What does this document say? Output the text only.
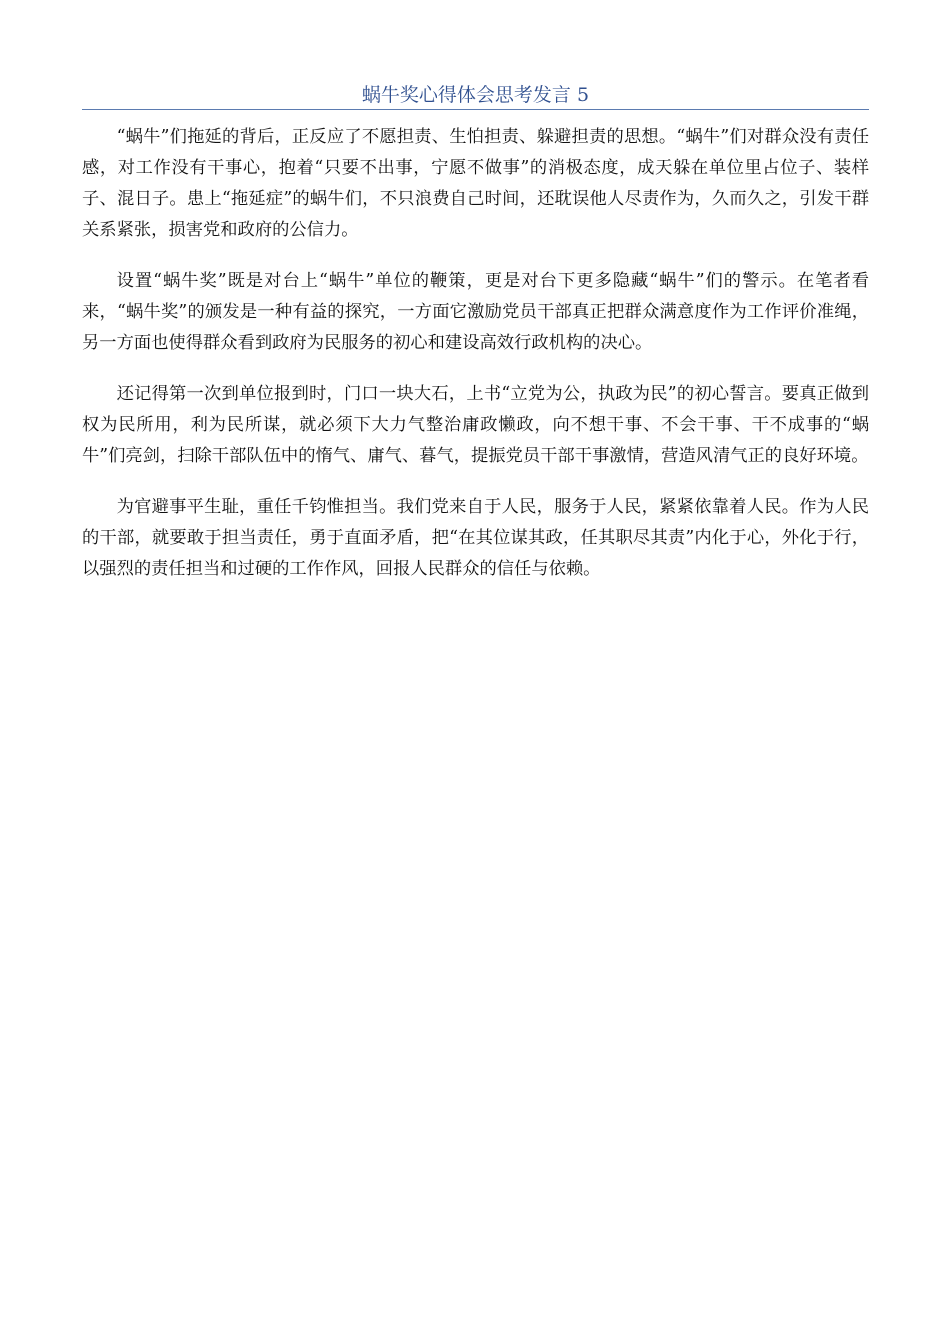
蜗牛奖心得体会思考发言 5

“蜗牛”们拖延的背后，正反应了不愿担责、生怕担责、躲避担责的思想。“蜗牛”们对群众没有责任感，对工作没有干事心，抱着“只要不出事，宁愿不做事”的消极态度，成天躲在单位里占位子、装样子、混日子。患上“拖延症”的蜗牛们，不只浪费自己时间，还耽误他人尽责作为，久而久之，引发干群关系紧张，损害党和政府的公信力。

设置“蜗牛奖”既是对台上“蜗牛”单位的鞭策，更是对台下更多隐藏“蜗牛”们的警示。在笔者看来，“蜗牛奖”的颁发是一种有益的探究，一方面它激励党员干部真正把群众满意度作为工作评价准绳，另一方面也使得群众看到政府为民服务的初心和建设高效行政机构的决心。

还记得第一次到单位报到时，门口一块大石，上书“立党为公，执政为民”的初心誓言。要真正做到权为民所用，利为民所谋，就必须下大力气整治庸政懒政，向不想干事、不会干事、干不成事的“蜗牛”们亮剑，扫除干部队伍中的惰气、庸气、暮气，提振党员干部干事激情，营造风清气正的良好环境。

为官避事平生耻，重任千钧惟担当。我们党来自于人民，服务于人民，紧紧依靠着人民。作为人民的干部，就要敢于担当责任，勇于直面矛盾，把“在其位谋其政，任其职尽其责”内化于心，外化于行，以强烈的责任担当和过硬的工作作风，回报人民群众的信任与依赖。
